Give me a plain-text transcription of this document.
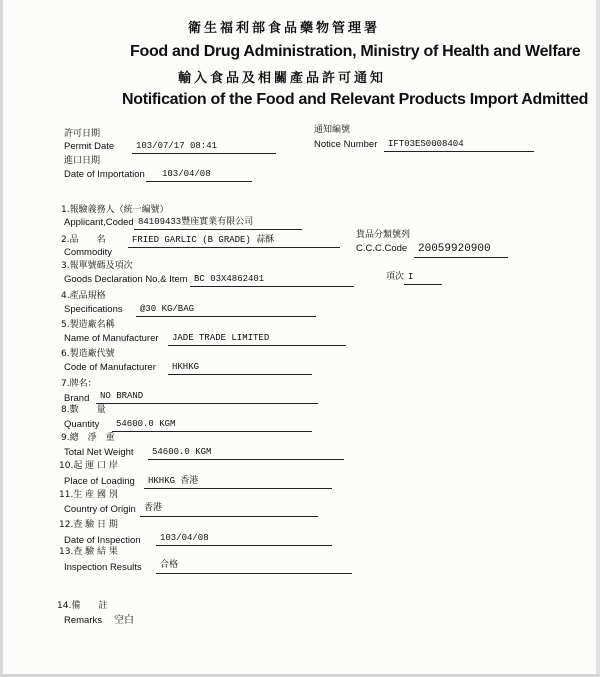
衛生福利部食品藥物管理署
Food and Drug Administration, Ministry of Health and Welfare
輸入食品及相關產品許可通知
Notification of the Food and Relevant Products Import Admitted
許可日期
Permit Date 103/07/17 08:41
通知編號
Notice Number IFT03ES0008404
進口日期
Date of Importation 103/04/08
1.報驗義務人（統一編號）
Applicant,Coded 84109433豐座實業有限公司
2.品　　名
Commodity
FRIED GARLIC (B GRADE) 蒜酥	貨品分類號列
C.C.C.Code 20059920900
3.報單號碼及項次
Goods Declaration No.& Item BC 03X4862401	項次 I
4.產品規格
Specifications @30 KG/BAG
5.製造廠名稱
Name of Manufacturer JADE TRADE LIMITED
6.製造廠代號
Code of Manufacturer HKHKG
7.牌名：
Brand NO BRAND
8.數　　量
Quantity 54600.0 KGM
9.總　淨　重
Total Net Weight 54600.0 KGM
10.起 運 口 岸
Place of Loading HKHKG 香港
11.生 産 國 別
Country of Origin 香港
12.查 驗 日 期
Date of Inspection 103/04/08
13.查 驗 結 果
Inspection Results 合格
14.備　　註
Remarks 空白
